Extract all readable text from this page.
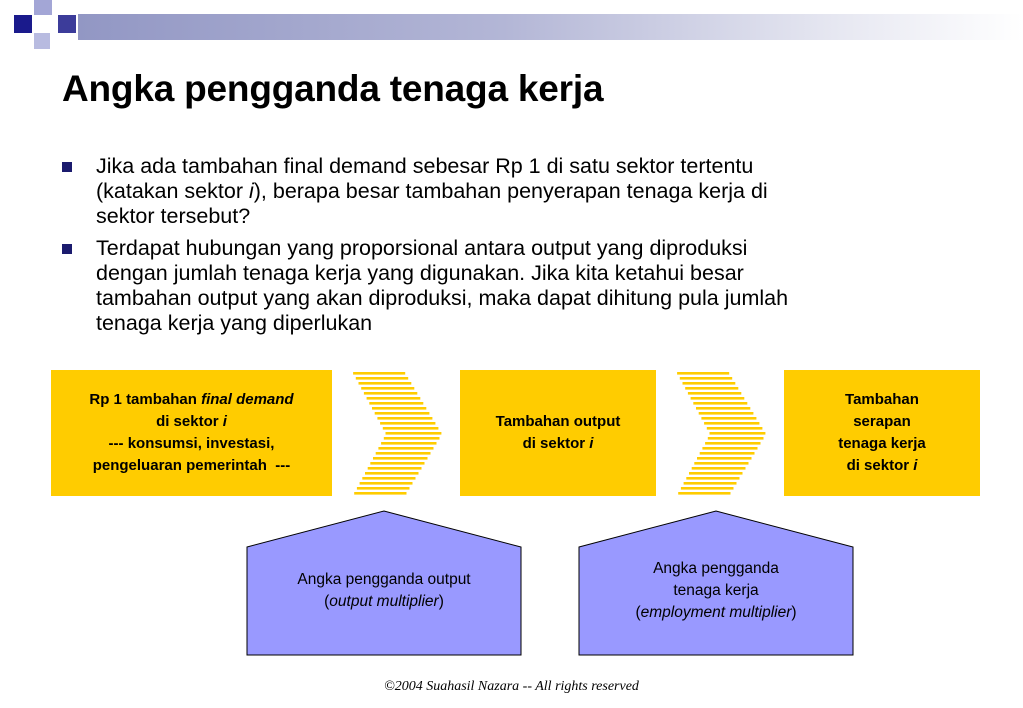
Angka pengganda tenaga kerja
Jika ada tambahan final demand sebesar Rp 1 di satu sektor tertentu
(katakan sektor i), berapa besar tambahan penyerapan tenaga kerja di
sektor tersebut?
Terdapat hubungan yang proporsional antara output yang diproduksi
dengan jumlah tenaga kerja yang digunakan. Jika kita ketahui besar
tambahan output yang akan diproduksi, maka dapat dihitung pula jumlah
tenaga kerja yang diperlukan
Rp 1 tambahan final demand
di sektor i
--- konsumsi, investasi,
pengeluaran pemerintah  ---
Tambahan output
di sektor i
Tambahan
serapan
tenaga kerja
di sektor i
Angka pengganda output
(output multiplier)
Angka pengganda
tenaga kerja
(employment multiplier)
©2004 Suahasil Nazara -- All rights reserved
